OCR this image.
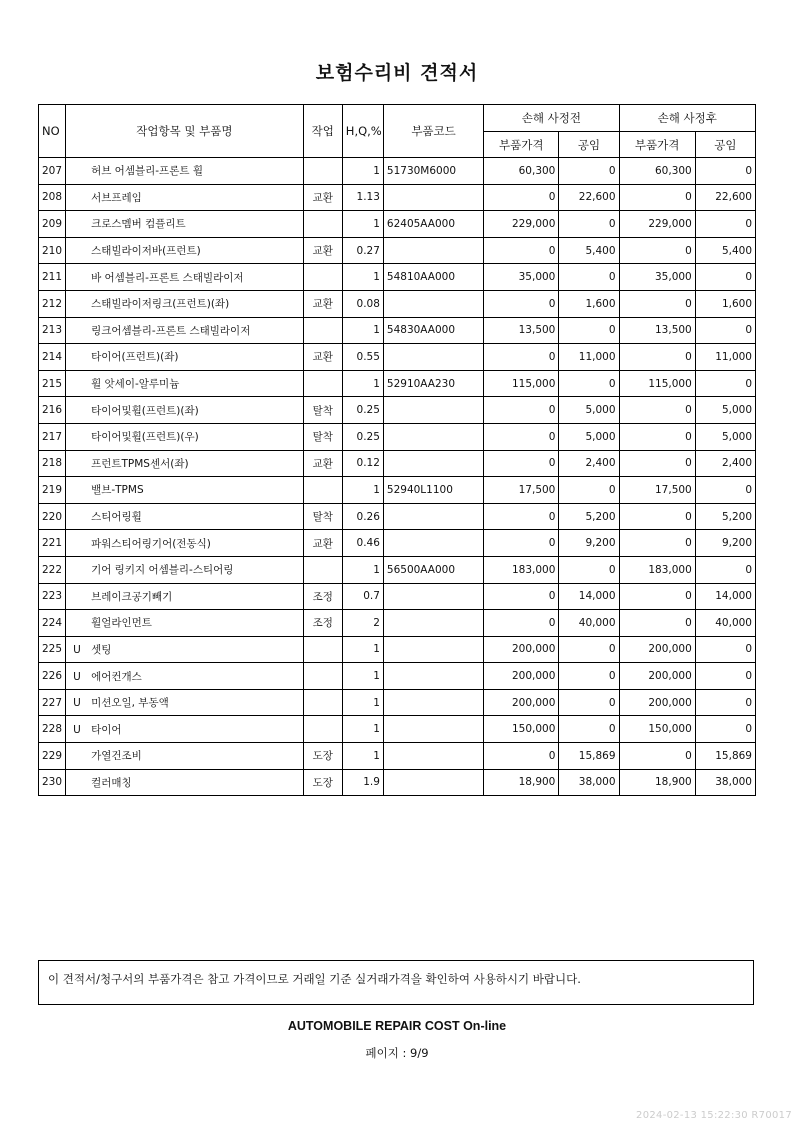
보험수리비 견적서
NO	작업항목 및 부품명	작업	H,Q,%	부품코드	손해 사정전		손해 사정후	
					부품가격	공임	부품가격	공임
207	허브 어셈블리-프론트 휠		1	51730M6000	60,300	0	60,300	0
208	서브프레임	교환	1.13		0	22,600	0	22,600
209	크로스멤버 컴플리트		1	62405AA000	229,000	0	229,000	0
210	스태빌라이저바(프런트)	교환	0.27		0	5,400	0	5,400
211	바 어셈블리-프론트 스태빌라이저		1	54810AA000	35,000	0	35,000	0
212	스태빌라이저링크(프런트)(좌)	교환	0.08		0	1,600	0	1,600
213	링크어셈블리-프론트 스태빌라이저		1	54830AA000	13,500	0	13,500	0
214	타이어(프런트)(좌)	교환	0.55		0	11,000	0	11,000
215	휠 앗세이-알루미늄		1	52910AA230	115,000	0	115,000	0
216	타이어및휠(프런트)(좌)	탈착	0.25		0	5,000	0	5,000
217	타이어및휠(프런트)(우)	탈착	0.25		0	5,000	0	5,000
218	프런트TPMS센서(좌)	교환	0.12		0	2,400	0	2,400
219	밸브-TPMS		1	52940L1100	17,500	0	17,500	0
220	스티어링휠	탈착	0.26		0	5,200	0	5,200
221	파워스티어링기어(전동식)	교환	0.46		0	9,200	0	9,200
222	기어 링키지 어셈블리-스티어링		1	56500AA000	183,000	0	183,000	0
223	브레이크공기빼기	조정	0.7		0	14,000	0	14,000
224	휠얼라인먼트	조정	2		0	40,000	0	40,000
225	U 셋팅		1		200,000	0	200,000	0
226	U 에어컨개스		1		200,000	0	200,000	0
227	U 미션오일, 부동액		1		200,000	0	200,000	0
228	U 타이어		1		150,000	0	150,000	0
229	가열건조비	도장	1		0	15,869	0	15,869
230	컬러매칭	도장	1.9		18,900	38,000	18,900	38,000
이 견적서/청구서의 부품가격은 참고 가격이므로 거래일 기준 실거래가격을 확인하여 사용하시기 바랍니다.
AUTOMOBILE REPAIR COST On-line
페이지 : 9/9
2024-02-13 15:22:30 R70017
